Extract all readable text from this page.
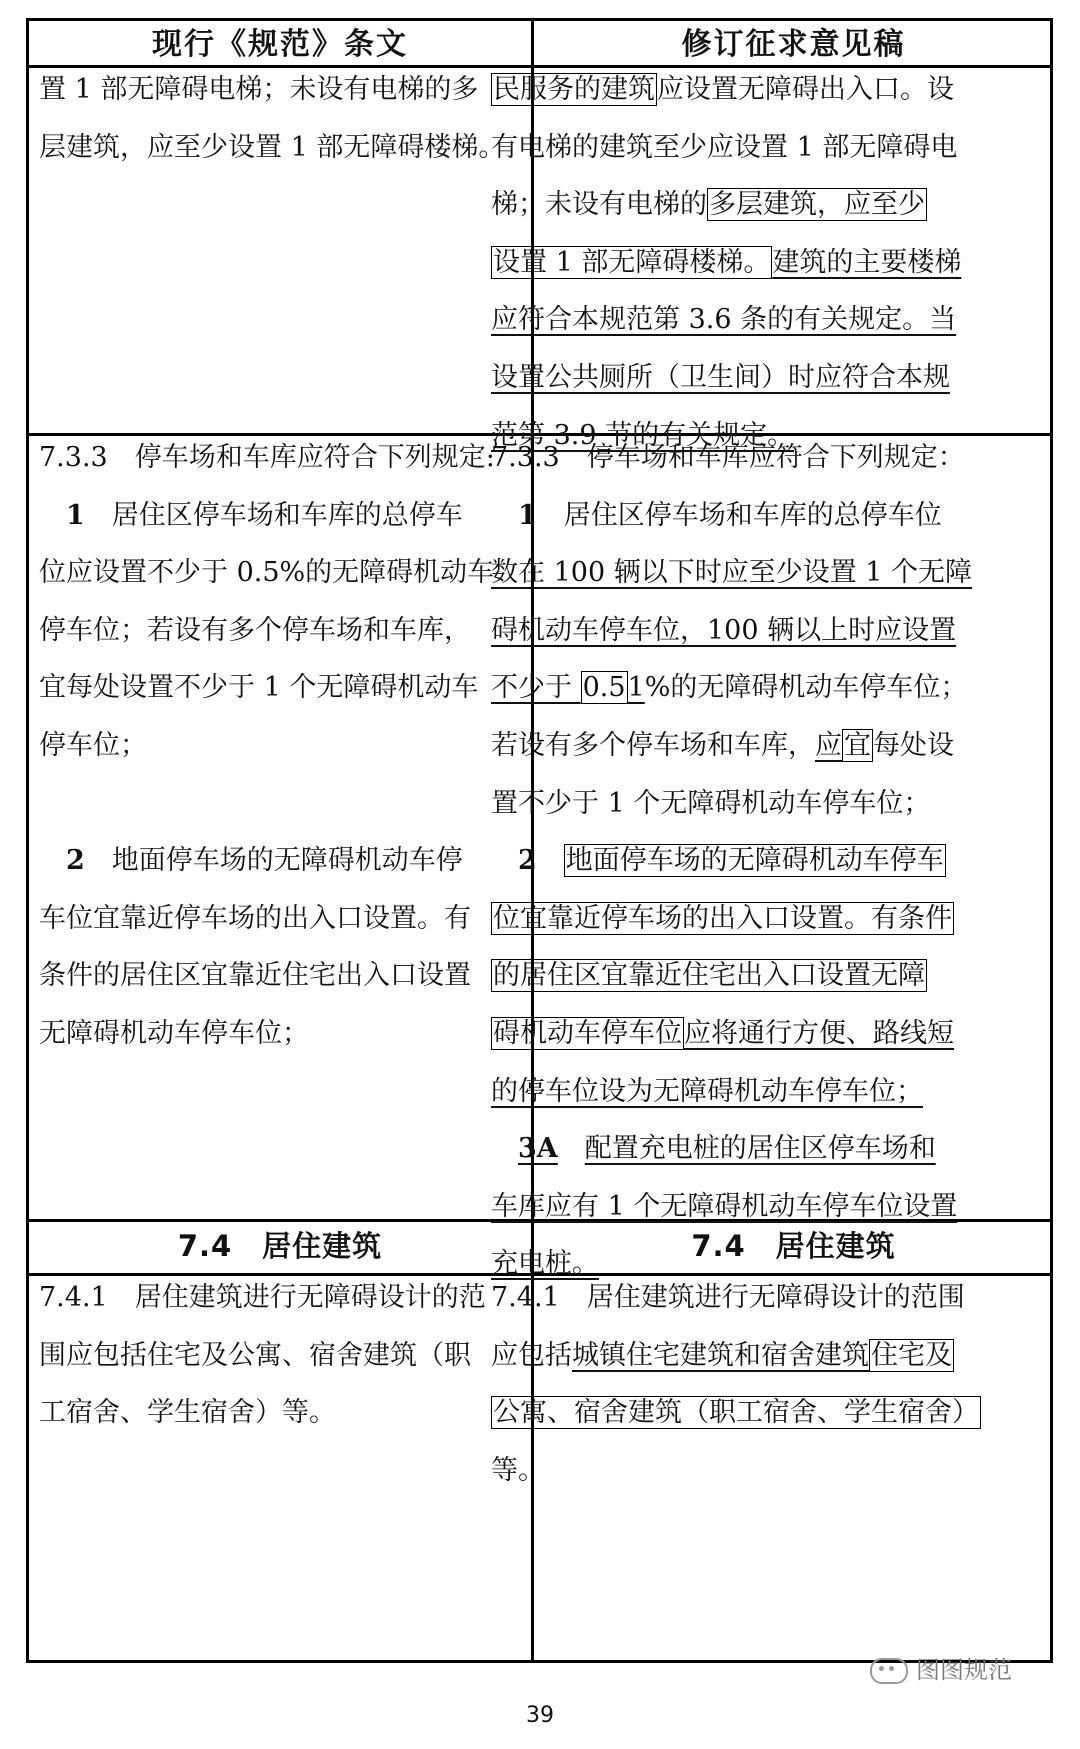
现行《规范》条文	修订征求意见稿
置 1 部无障碍电梯；未设有电梯的多
层建筑，应至少设置 1 部无障碍楼梯。
民服务的建筑应设置无障碍出入口。设
有电梯的建筑至少应设置 1 部无障碍电
梯；未设有电梯的多层建筑，应至少
设置 1 部无障碍楼梯。建筑的主要楼梯
应符合本规范第 3.6 条的有关规定。当
设置公共厕所（卫生间）时应符合本规
范第 3.9 节的有关规定。
7.3.3　停车场和车库应符合下列规定:
　1　 居住区停车场和车库的总停车
位应设置不少于 0.5%的无障碍机动车
停车位；若设有多个停车场和车库，
宜每处设置不少于 1 个无障碍机动车
停车位；
　2　 地面停车场的无障碍机动车停
车位宜靠近停车场的出入口设置。有
条件的居住区宜靠近住宅出入口设置
无障碍机动车停车位；
7.3.3　停车场和车库应符合下列规定：
　1　 居住区停车场和车库的总停车位
数在 100 辆以下时应至少设置 1 个无障
碍机动车停车位，100 辆以上时应设置
不少于 0.51%的无障碍机动车停车位；
若设有多个停车场和车库，应宜每处设
置不少于 1 个无障碍机动车停车位；
　2　 地面停车场的无障碍机动车停车
位宜靠近停车场的出入口设置。有条件
的居住区宜靠近住宅出入口设置无障
碍机动车停车位应将通行方便、路线短
的停车位设为无障碍机动车停车位；
　3A　 配置充电桩的居住区停车场和
车库应有 1 个无障碍机动车停车位设置
充电桩。
7.4　居住建筑	7.4　居住建筑
7.4.1　居住建筑进行无障碍设计的范
围应包括住宅及公寓、宿舍建筑（职
工宿舍、学生宿舍）等。
7.4.1　居住建筑进行无障碍设计的范围
应包括城镇住宅建筑和宿舍建筑住宅及
公寓、宿舍建筑（职工宿舍、学生宿舍）
等。
图图规范
39
